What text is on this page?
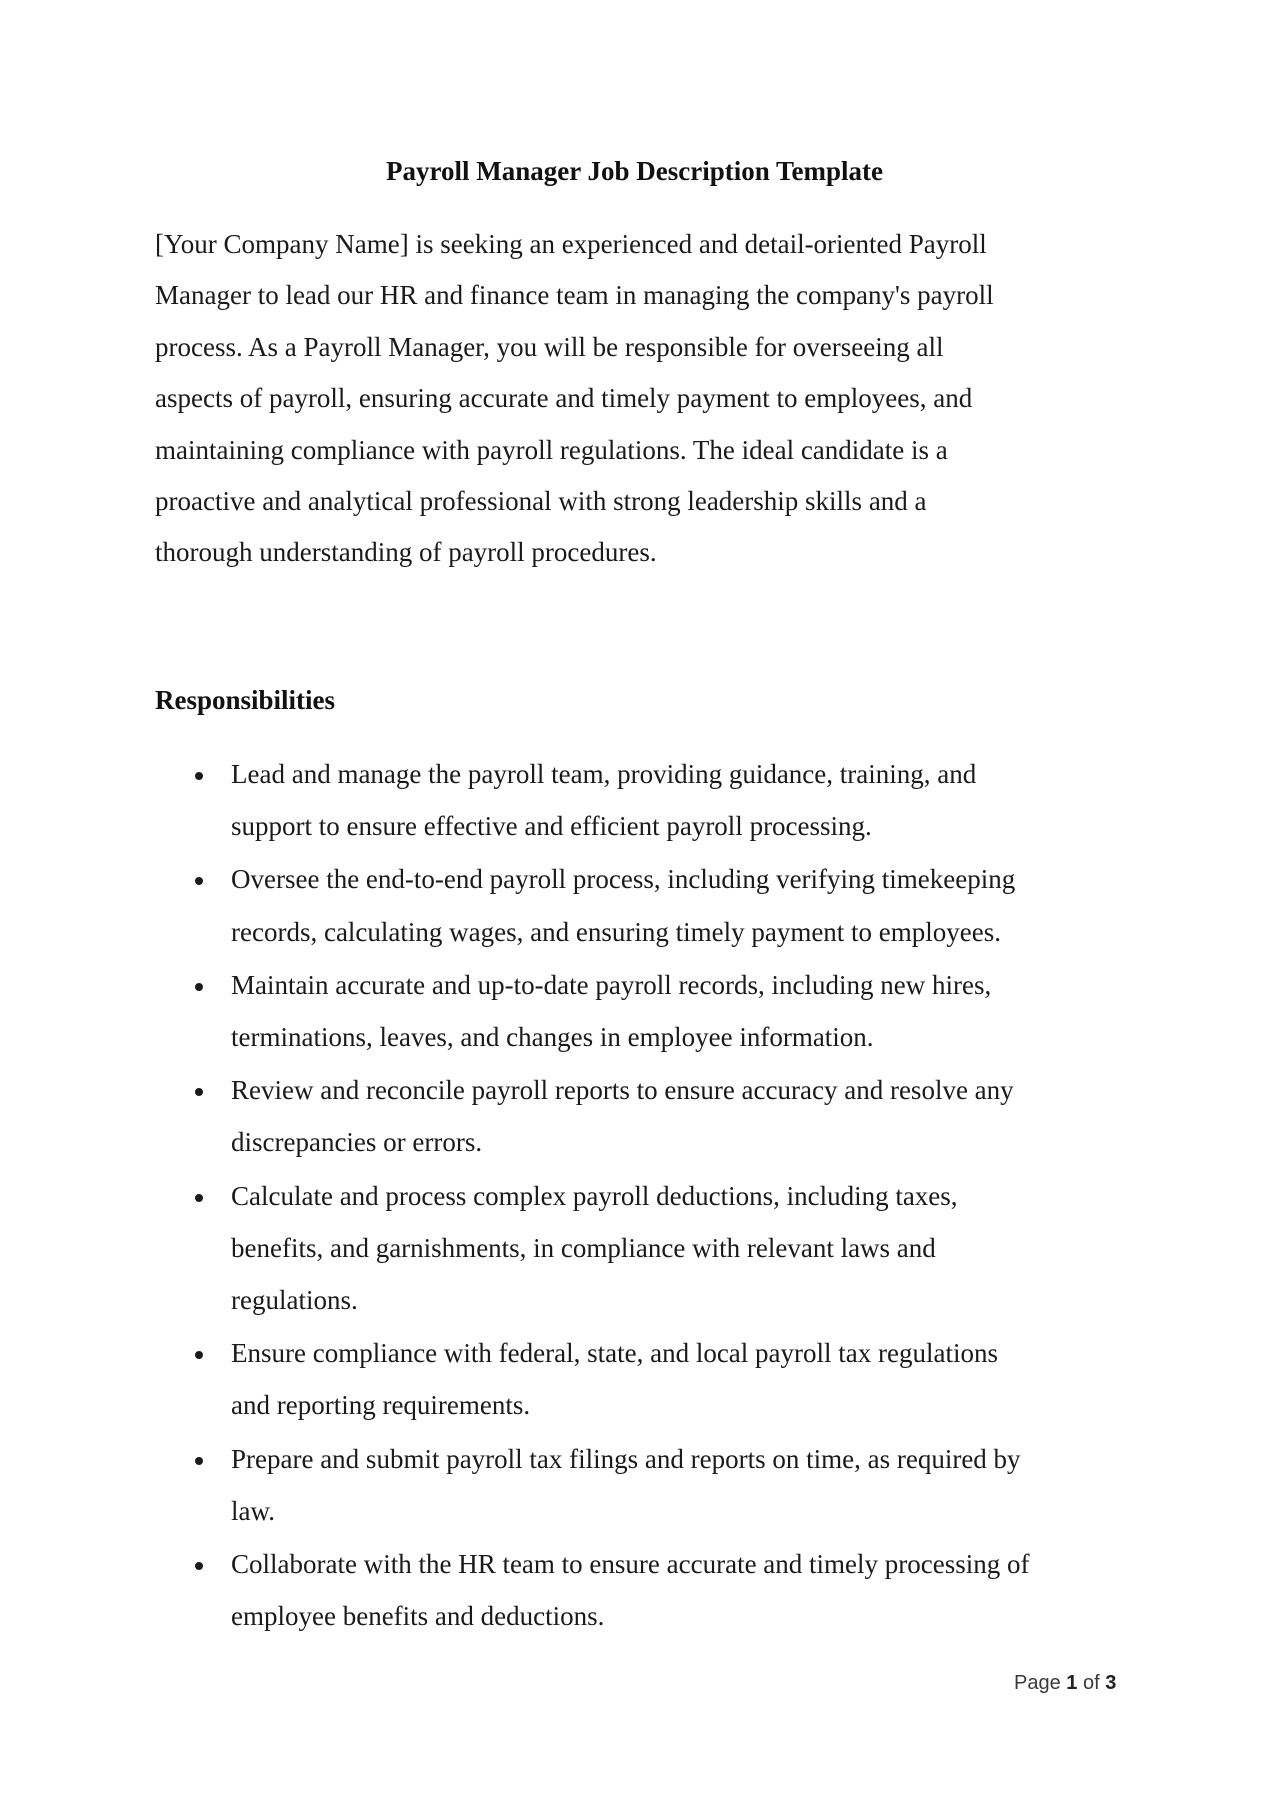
Payroll Manager Job Description Template
[Your Company Name] is seeking an experienced and detail-oriented Payroll
Manager to lead our HR and finance team in managing the company's payroll
process. As a Payroll Manager, you will be responsible for overseeing all
aspects of payroll, ensuring accurate and timely payment to employees, and
maintaining compliance with payroll regulations. The ideal candidate is a
proactive and analytical professional with strong leadership skills and a
thorough understanding of payroll procedures.
Responsibilities
Lead and manage the payroll team, providing guidance, training, and
support to ensure effective and efficient payroll processing.
Oversee the end-to-end payroll process, including verifying timekeeping
records, calculating wages, and ensuring timely payment to employees.
Maintain accurate and up-to-date payroll records, including new hires,
terminations, leaves, and changes in employee information.
Review and reconcile payroll reports to ensure accuracy and resolve any
discrepancies or errors.
Calculate and process complex payroll deductions, including taxes,
benefits, and garnishments, in compliance with relevant laws and
regulations.
Ensure compliance with federal, state, and local payroll tax regulations
and reporting requirements.
Prepare and submit payroll tax filings and reports on time, as required by
law.
Collaborate with the HR team to ensure accurate and timely processing of
employee benefits and deductions.
Page 1 of 3
